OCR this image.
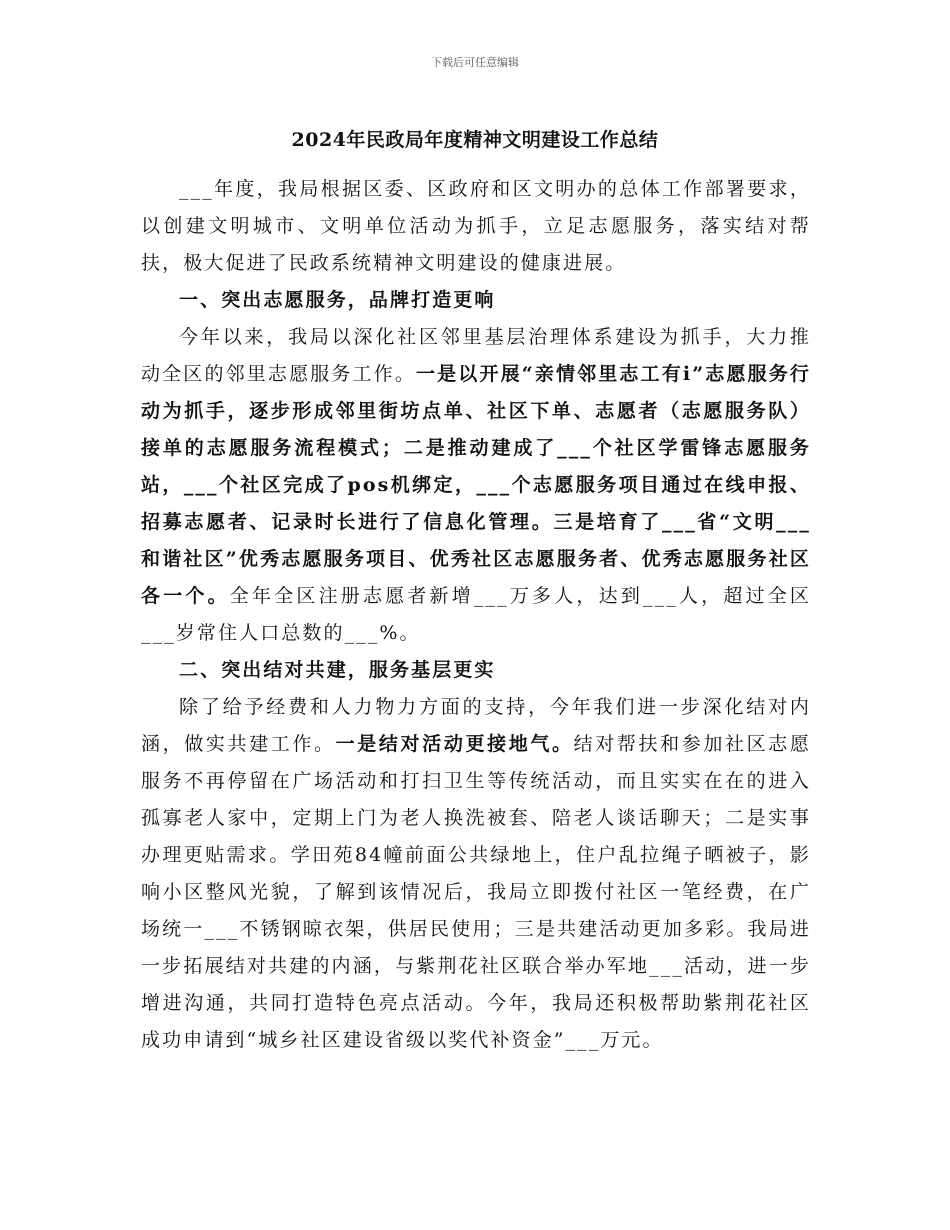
下载后可任意编辑
2024年民政局年度精神文明建设工作总结

___年度，我局根据区委、区政府和区文明办的总体工作部署要求，以创建文明城市、文明单位活动为抓手，立足志愿服务，落实结对帮扶，极大促进了民政系统精神文明建设的健康进展。

一、突出志愿服务，品牌打造更响

今年以来，我局以深化社区邻里基层治理体系建设为抓手，大力推动全区的邻里志愿服务工作。一是以开展“亲情邻里志工有i”志愿服务行动为抓手，逐步形成邻里街坊点单、社区下单、志愿者（志愿服务队）接单的志愿服务流程模式；二是推动建成了___个社区学雷锋志愿服务站，___个社区完成了pos机绑定，___个志愿服务项目通过在线申报、招募志愿者、记录时长进行了信息化管理。三是培育了___省“文明___和谐社区”优秀志愿服务项目、优秀社区志愿服务者、优秀志愿服务社区各一个。全年全区注册志愿者新增___万多人，达到___人，超过全区___岁常住人口总数的___%。

二、突出结对共建，服务基层更实

除了给予经费和人力物力方面的支持，今年我们进一步深化结对内涵，做实共建工作。一是结对活动更接地气。结对帮扶和参加社区志愿服务不再停留在广场活动和打扫卫生等传统活动，而且实实在在的进入孤寡老人家中，定期上门为老人换洗被套、陪老人谈话聊天；二是实事办理更贴需求。学田苑84幢前面公共绿地上，住户乱拉绳子晒被子，影响小区整风光貌，了解到该情况后，我局立即拨付社区一笔经费，在广场统一___不锈钢晾衣架，供居民使用；三是共建活动更加多彩。我局进一步拓展结对共建的内涵，与紫荆花社区联合举办军地___活动，进一步增进沟通，共同打造特色亮点活动。今年，我局还积极帮助紫荆花社区成功申请到“城乡社区建设省级以奖代补资金”___万元。
